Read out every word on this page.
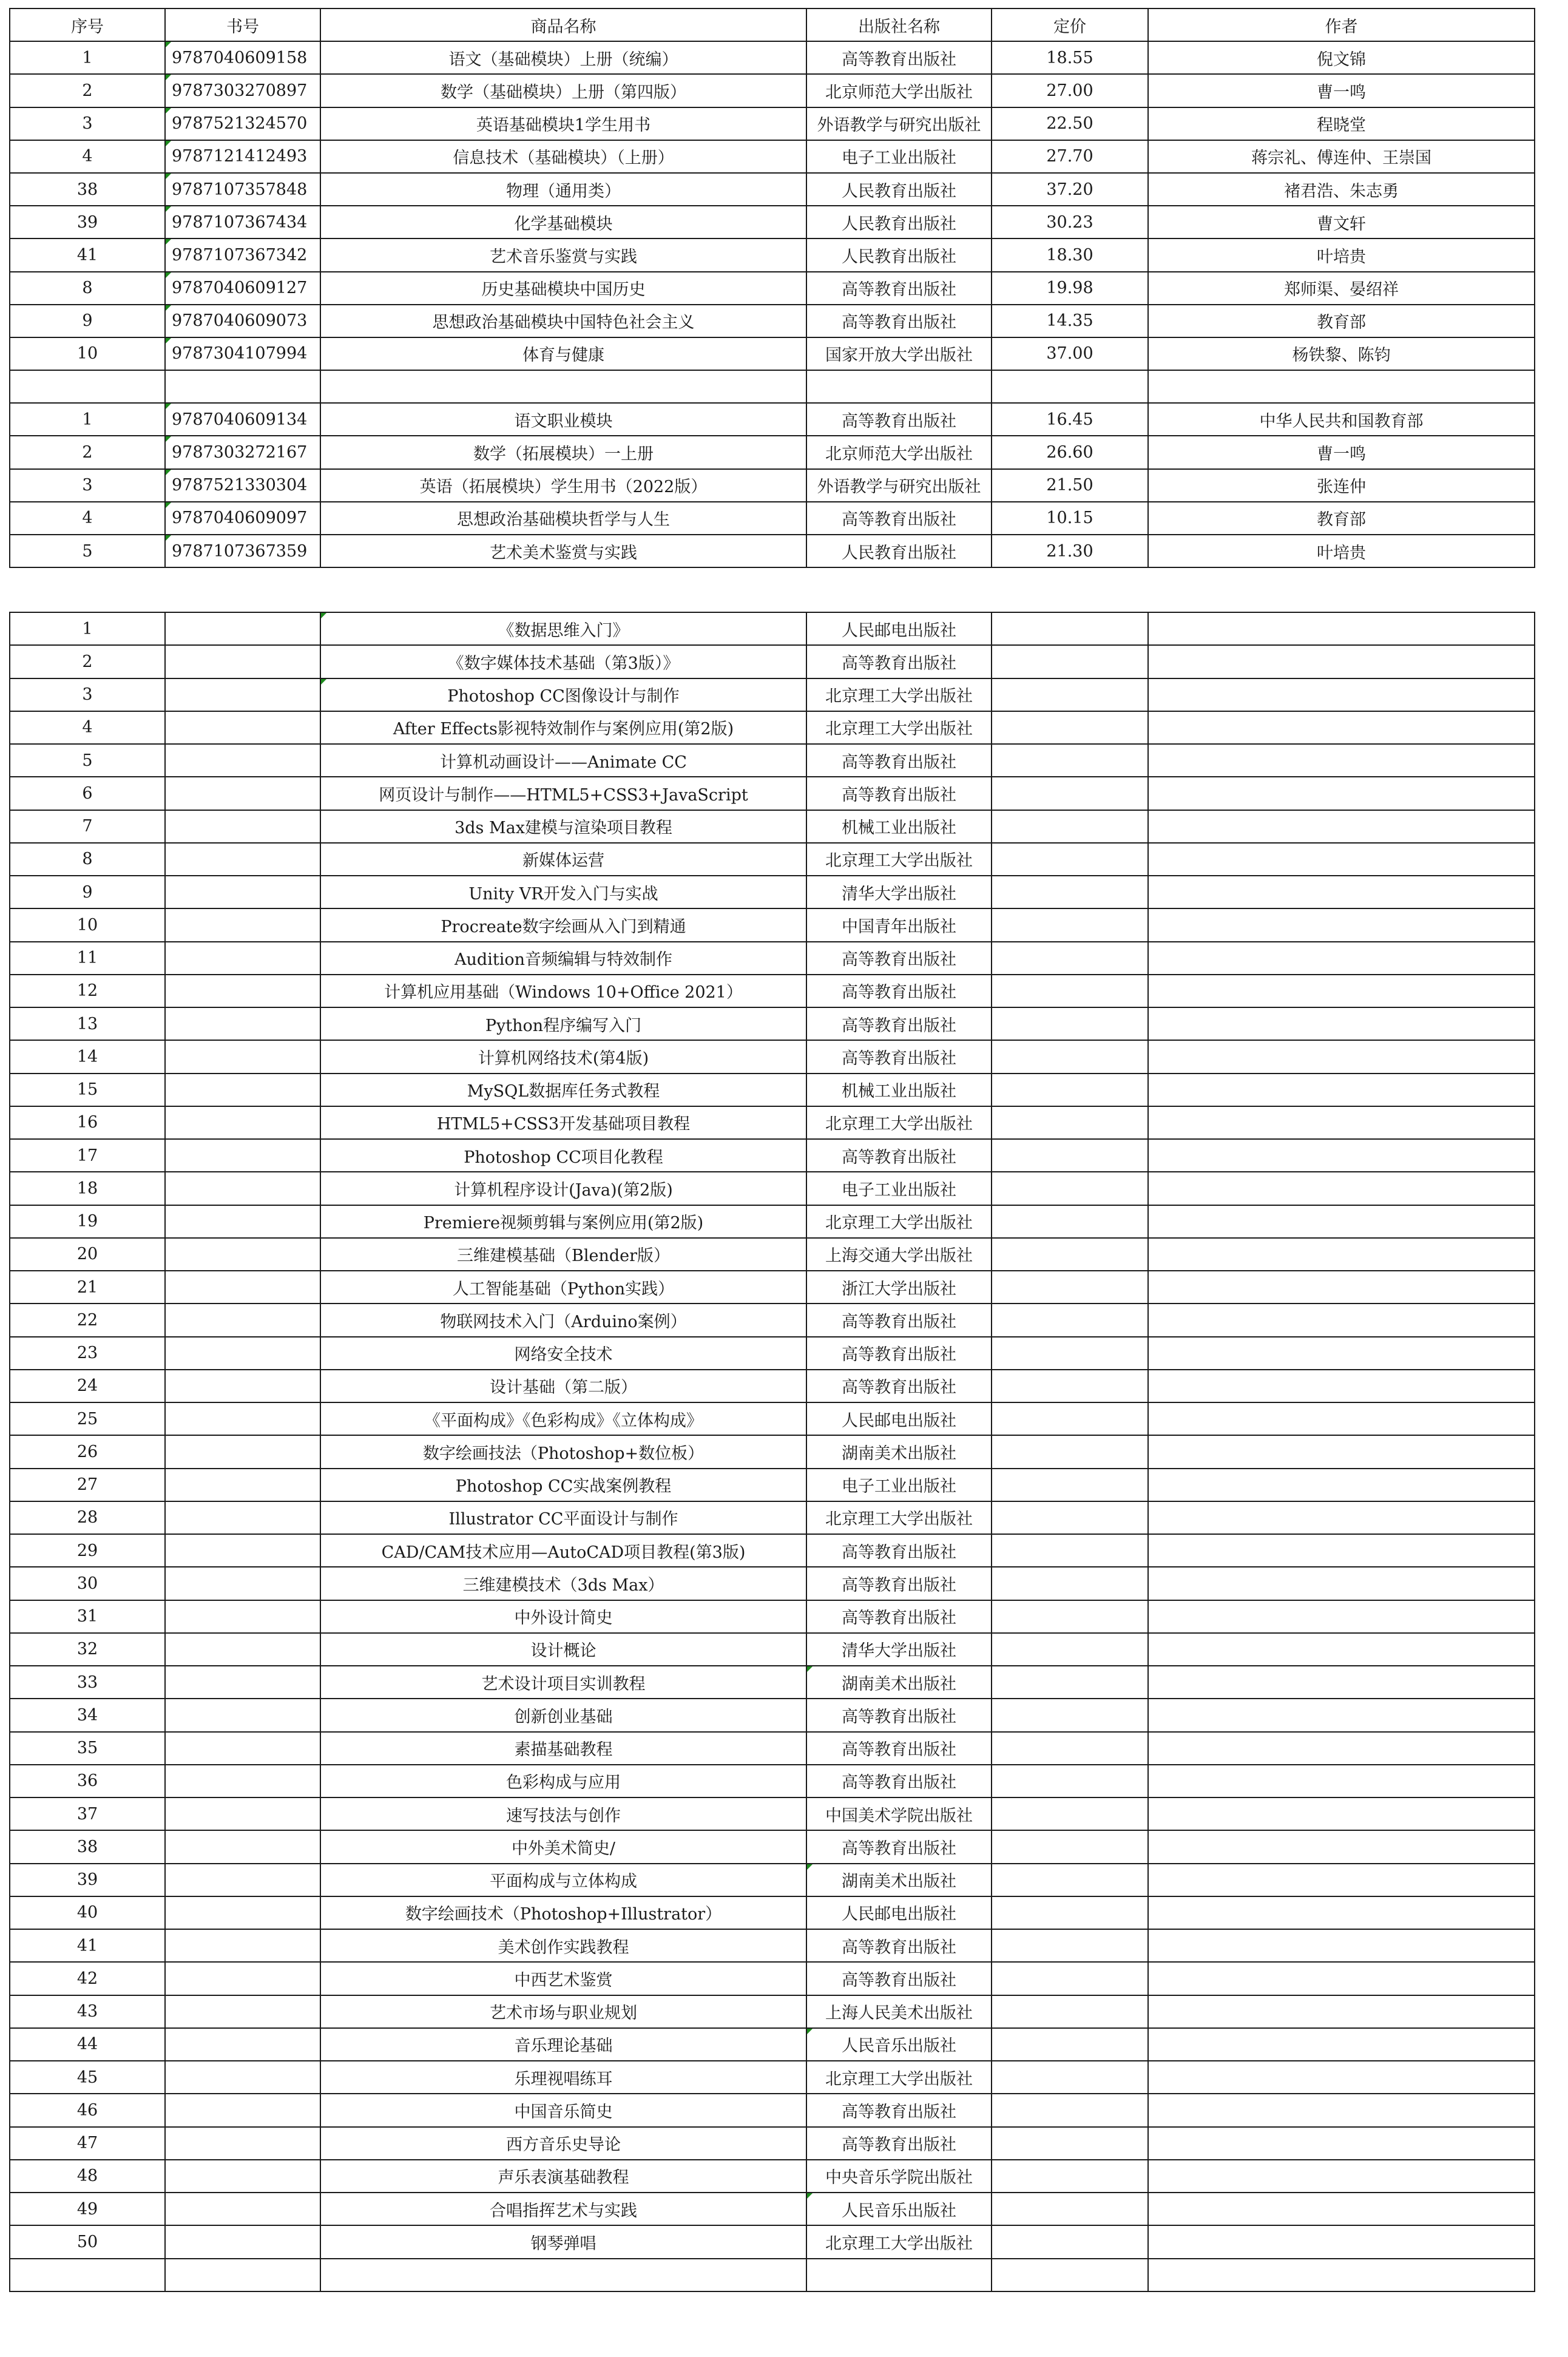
序号	书号	商品名称	出版社名称	定价	作者
1	9787040609158	语文（基础模块）上册（统编）	高等教育出版社	18.55	倪文锦
2	9787303270897	数学（基础模块）上册（第四版）	北京师范大学出版社	27.00	曹一鸣
3	9787521324570	英语基础模块1学生用书	外语教学与研究出版社	22.50	程晓堂
4	9787121412493	信息技术（基础模块）（上册）	电子工业出版社	27.70	蒋宗礼、傅连仲、王崇国
38	9787107357848	物理（通用类）	人民教育出版社	37.20	褚君浩、朱志勇
39	9787107367434	化学基础模块	人民教育出版社	30.23	曹文轩
41	9787107367342	艺术音乐鉴赏与实践	人民教育出版社	18.30	叶培贵
8	9787040609127	历史基础模块中国历史	高等教育出版社	19.98	郑师渠、晏绍祥
9	9787040609073	思想政治基础模块中国特色社会主义	高等教育出版社	14.35	教育部
10	9787304107994	体育与健康	国家开放大学出版社	37.00	杨铁黎、陈钧

1	9787040609134	语文职业模块	高等教育出版社	16.45	中华人民共和国教育部
2	9787303272167	数学（拓展模块）一上册	北京师范大学出版社	26.60	曹一鸣
3	9787521330304	英语（拓展模块）学生用书（2022版）	外语教学与研究出版社	21.50	张连仲
4	9787040609097	思想政治基础模块哲学与人生	高等教育出版社	10.15	教育部
5	9787107367359	艺术美术鉴赏与实践	人民教育出版社	21.30	叶培贵
1		《数据思维入门》	人民邮电出版社		
2		《数字媒体技术基础（第3版）》	高等教育出版社		
3		Photoshop CC图像设计与制作	北京理工大学出版社		
4		After Effects影视特效制作与案例应用(第2版)	北京理工大学出版社		
5		计算机动画设计——Animate CC	高等教育出版社		
6		网页设计与制作——HTML5+CSS3+JavaScript	高等教育出版社		
7		3ds Max建模与渲染项目教程	机械工业出版社		
8		新媒体运营	北京理工大学出版社		
9		Unity VR开发入门与实战	清华大学出版社		
10		Procreate数字绘画从入门到精通	中国青年出版社		
11		Audition音频编辑与特效制作	高等教育出版社		
12		计算机应用基础（Windows 10+Office 2021）	高等教育出版社		
13		Python程序编写入门	高等教育出版社		
14		计算机网络技术(第4版)	高等教育出版社		
15		MySQL数据库任务式教程	机械工业出版社		
16		HTML5+CSS3开发基础项目教程	北京理工大学出版社		
17		Photoshop CC项目化教程	高等教育出版社		
18		计算机程序设计(Java)(第2版)	电子工业出版社		
19		Premiere视频剪辑与案例应用(第2版)	北京理工大学出版社		
20		三维建模基础（Blender版）	上海交通大学出版社		
21		人工智能基础（Python实践）	浙江大学出版社		
22		物联网技术入门（Arduino案例）	高等教育出版社		
23		网络安全技术	高等教育出版社		
24		设计基础（第二版）	高等教育出版社		
25		《平面构成》《色彩构成》《立体构成》	人民邮电出版社		
26		数字绘画技法（Photoshop+数位板）	湖南美术出版社		
27		Photoshop CC实战案例教程	电子工业出版社		
28		Illustrator CC平面设计与制作	北京理工大学出版社		
29		CAD/CAM技术应用—AutoCAD项目教程(第3版)	高等教育出版社		
30		三维建模技术（3ds Max）	高等教育出版社		
31		中外设计简史	高等教育出版社		
32		设计概论	清华大学出版社		
33		艺术设计项目实训教程	湖南美术出版社		
34		创新创业基础	高等教育出版社		
35		素描基础教程	高等教育出版社		
36		色彩构成与应用	高等教育出版社		
37		速写技法与创作	中国美术学院出版社		
38		中外美术简史/	高等教育出版社		
39		平面构成与立体构成	湖南美术出版社		
40		数字绘画技术（Photoshop+Illustrator）	人民邮电出版社		
41		美术创作实践教程	高等教育出版社		
42		中西艺术鉴赏	高等教育出版社		
43		艺术市场与职业规划	上海人民美术出版社		
44		音乐理论基础	人民音乐出版社		
45		乐理视唱练耳	北京理工大学出版社		
46		中国音乐简史	高等教育出版社		
47		西方音乐史导论	高等教育出版社		
48		声乐表演基础教程	中央音乐学院出版社		
49		合唱指挥艺术与实践	人民音乐出版社		
50		钢琴弹唱	北京理工大学出版社		
